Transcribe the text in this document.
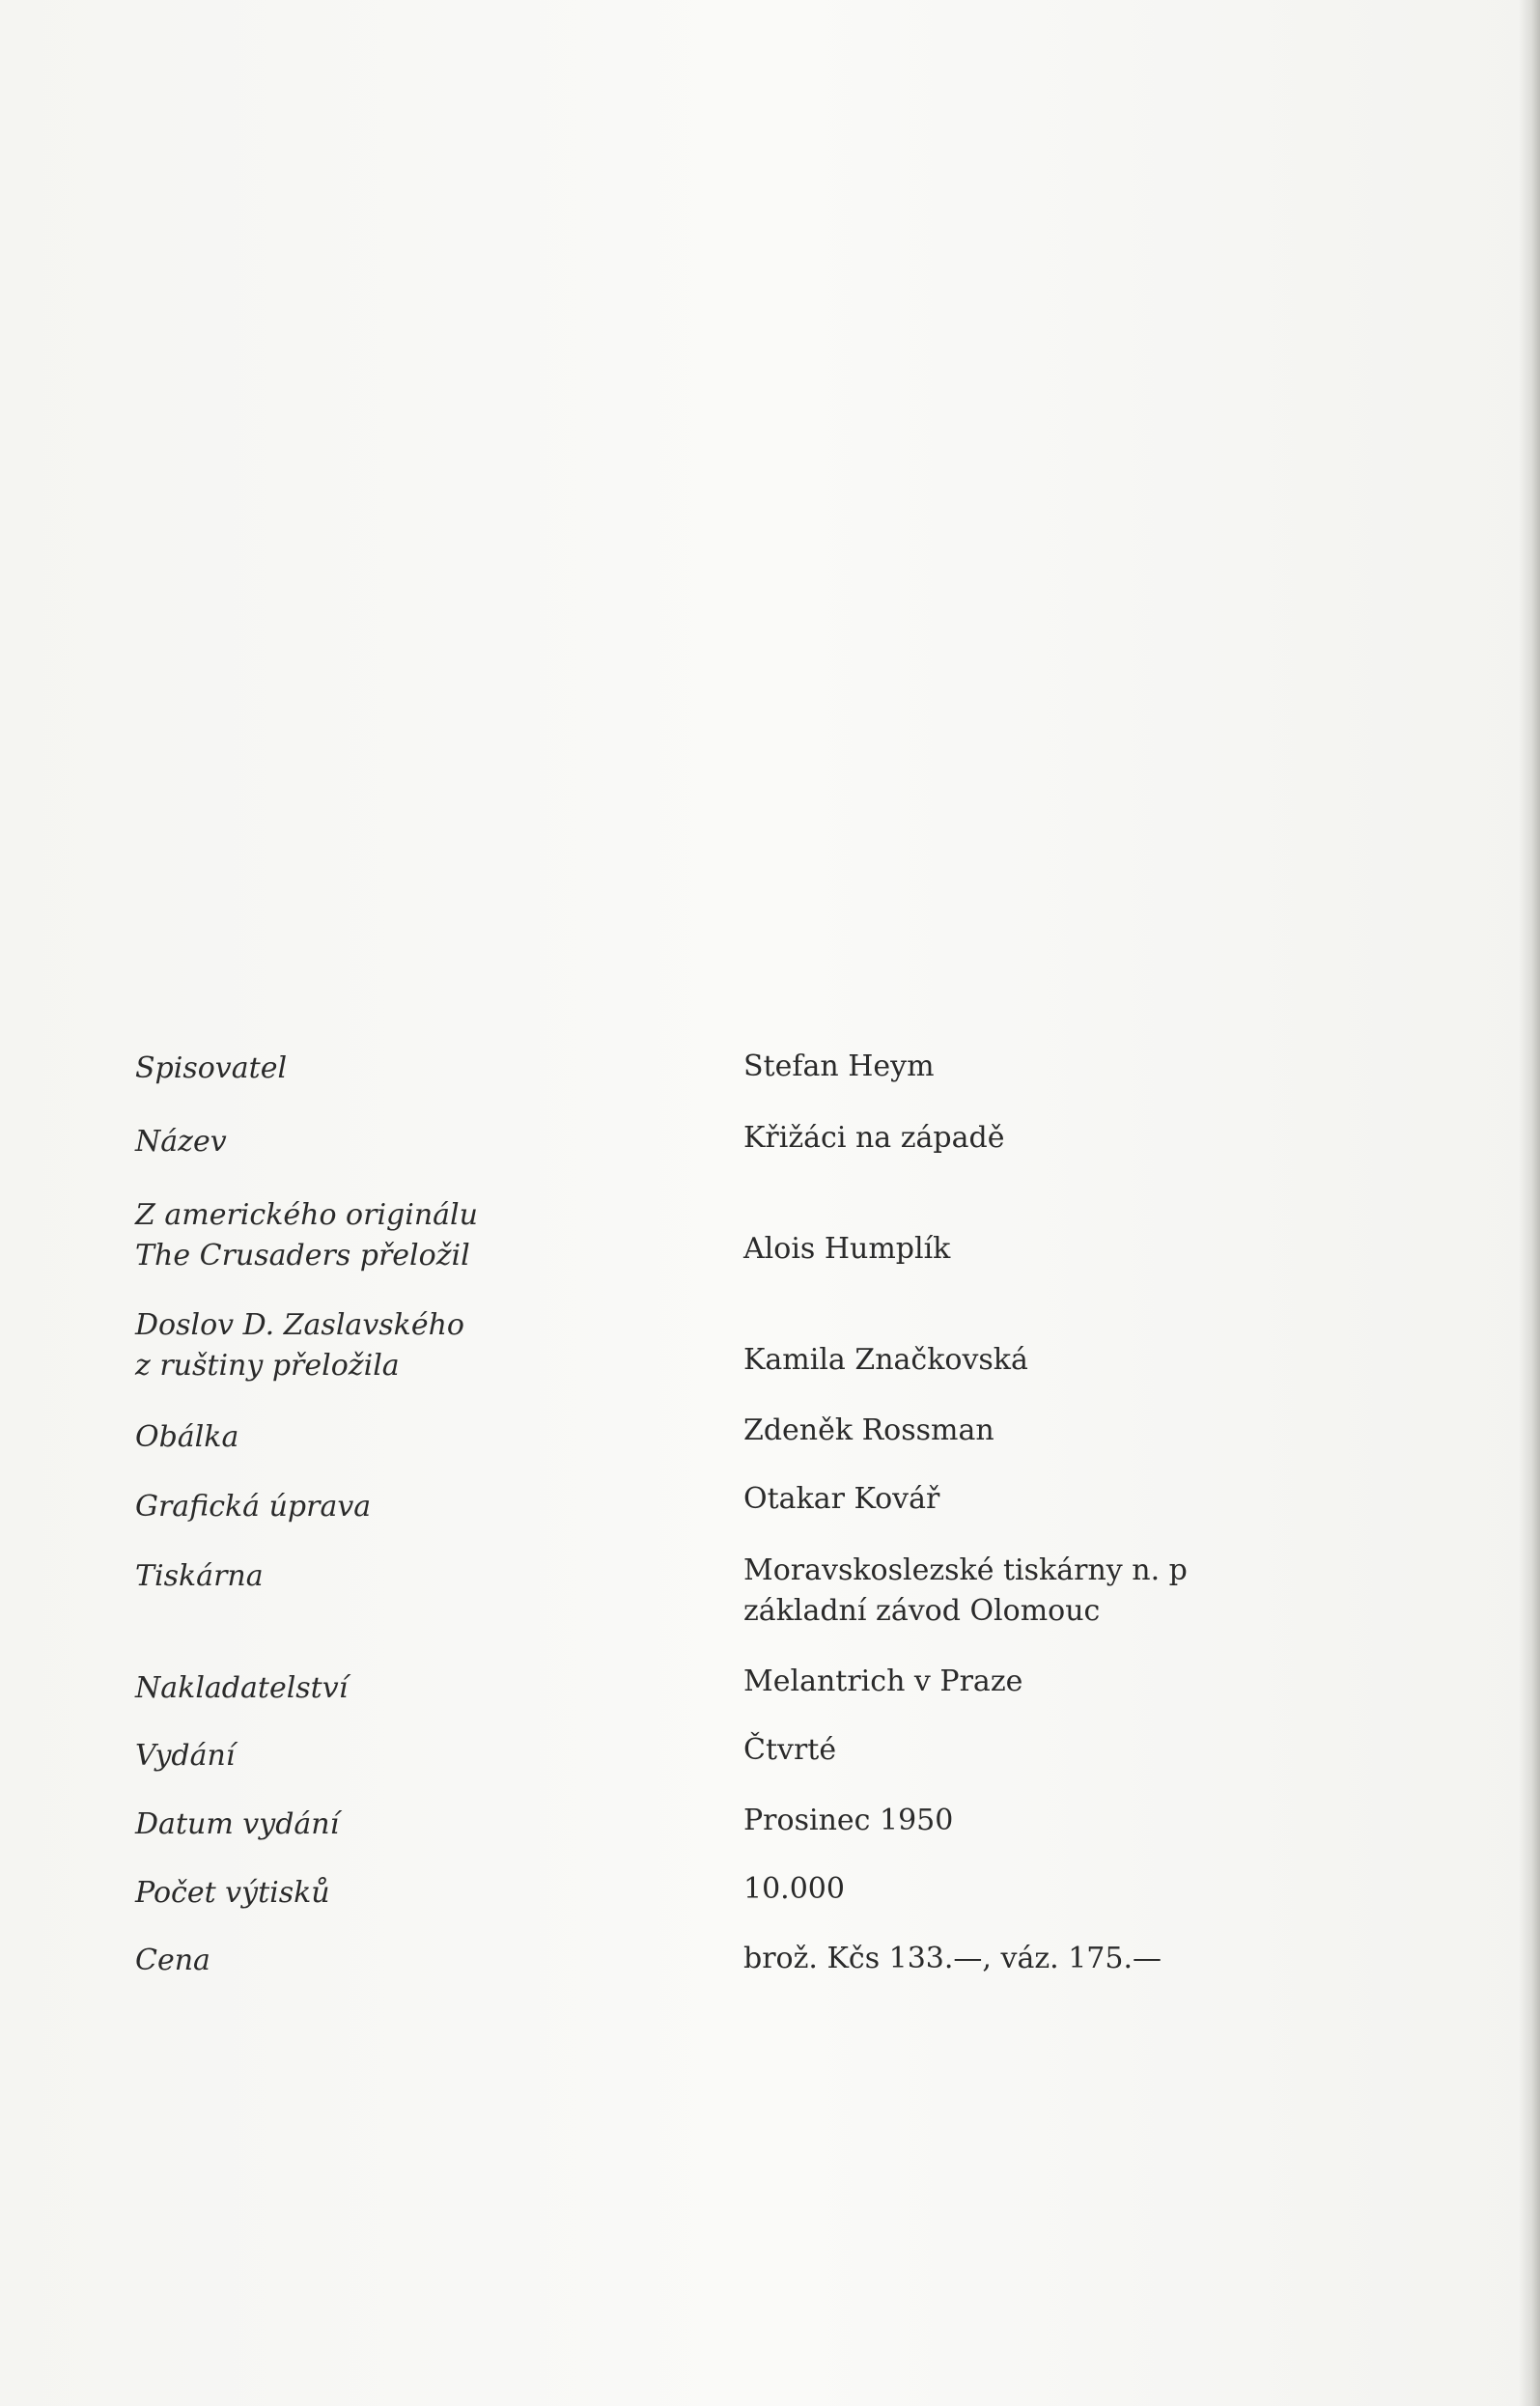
Spisovatel	Stefan Heym
Název	Křižáci na západě
Z amerického originálu
The Crusaders přeložil	Alois Humplík
Doslov D. Zaslavského
z ruštiny přeložila	Kamila Značkovská
Obálka	Zdeněk Rossman
Grafická úprava	Otakar Kovář
Tiskárna	Moravskoslezské tiskárny n. p
základní závod Olomouc
Nakladatelství	Melantrich v Praze
Vydání	Čtvrté
Datum vydání	Prosinec 1950
Počet výtisků	10.000
Cena	brož. Kčs 133.—, váz. 175.—
